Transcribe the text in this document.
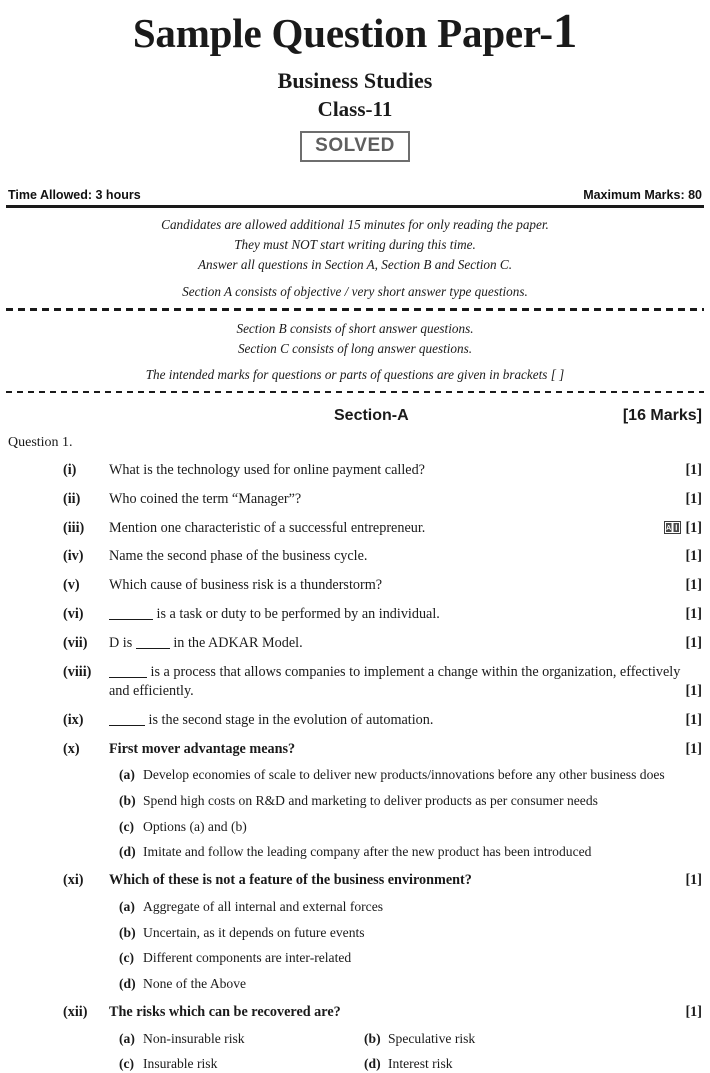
Sample Question Paper-1
Business Studies
Class-11
SOLVED
Time Allowed: 3 hours	Maximum Marks: 80

Candidates are allowed additional 15 minutes for only reading the paper.

They must NOT start writing during this time.

Answer all questions in Section A, Section B and Section C.

Section A consists of objective / very short answer type questions.

Section B consists of short answer questions.

Section C consists of long answer questions.

The intended marks for questions or parts of questions are given in brackets [ ]

Section-A	[16 Marks]
Question 1.
(i)	What is the technology used for online payment called?	[1]
(ii)	Who coined the term “Manager”?	[1]
(iii)	Mention one characteristic of a successful entrepreneur.	A [1]
(iv)	Name the second phase of the business cycle.	[1]
(v)	Which cause of business risk is a thunderstorm?	[1]
(vi)	is a task or duty to be performed by an individual.	[1]
(vii)	D is  in the ADKAR Model.	[1]
(viii)	is a process that allows companies to implement a change within the organization, effectively and efficiently.	[1]
(ix)	is the second stage in the evolution of automation.	[1]
(x)	First mover advantage means?	[1]
(a) Develop economies of scale to deliver new products/innovations before any other business does
(b) Spend high costs on R&D and marketing to deliver products as per consumer needs
(c) Options (a) and (b)
(d) Imitate and follow the leading company after the new product has been introduced
(xi)	Which of these is not a feature of the business environment?	[1]
(a) Aggregate of all internal and external forces
(b) Uncertain, as it depends on future events
(c) Different components are inter-related
(d) None of the Above
(xii)	The risks which can be recovered are?	[1]
(a) Non-insurable risk	(b) Speculative risk
(c) Insurable risk	(d) Interest risk
